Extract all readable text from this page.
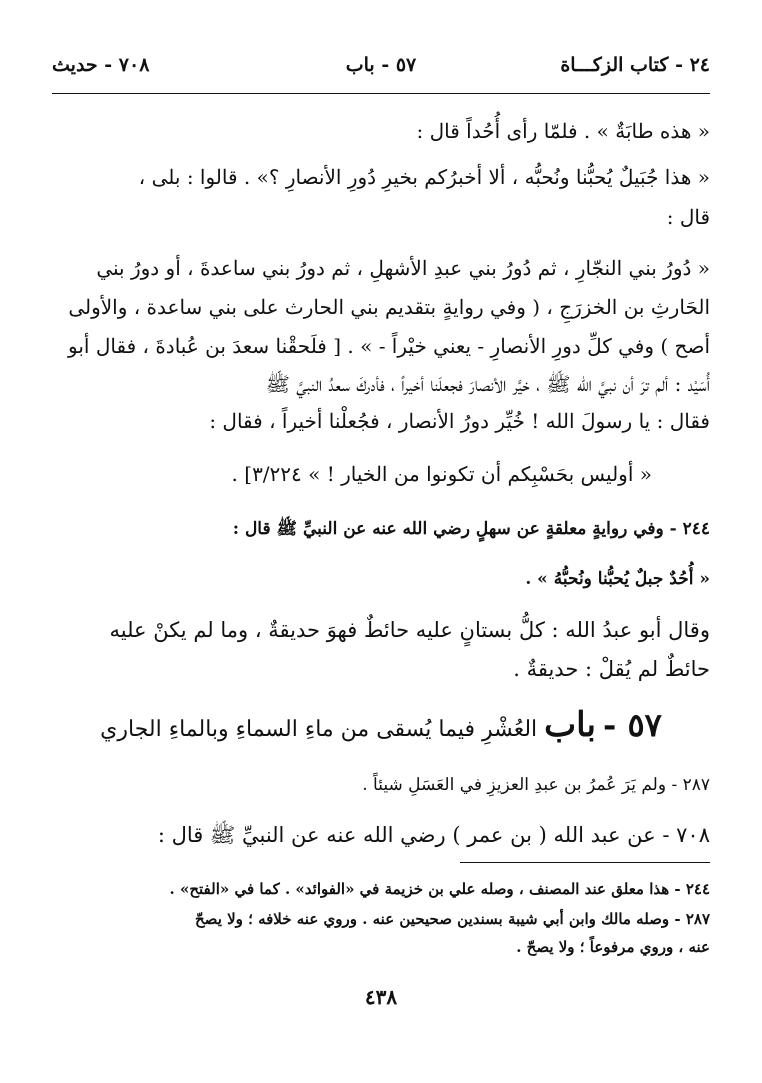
٢٤ - كتاب الزكـــاة
٥٧ - باب
٧٠٨ - حديث
« هذه طابَةٌ » . فلمّا رأى أُحُداً قال :
« هذا جُبَيلٌ يُحبُّنا ونُحبُّه ، ألا أخبرُكم بخيرِ دُورِ الأنصارِ ؟» . قالوا : بلى ،
قال :
« دُورُ بني النجّارِ ، ثم دُورُ بني عبدِ الأشهلِ ، ثم دورُ بني ساعدةَ ، أو دورُ بني
الحَارثِ بن الخزرَجِ ، ( وفي روايةٍ بتقديم بني الحارث على بني ساعدة ، والأولى
أصح ) وفي كلِّ دورِ الأنصارِ - يعني خيْراً - » . [ فلَحقْنا سعدَ بن عُبادةَ ، فقال أبو
أُسَيْد : ألم ترَ أن نبيَّ الله ﷺ ، خيَّر الأنصارَ فجعلَنا أخيراً ، فأدركَ سعدُ النبيَّ ﷺ
فقال : يا رسولَ الله ! خُيِّر دورُ الأنصار ، فجُعلْنا أخيراً ، فقال :
« أوليس بحَسْبِكم أن تكونوا من الخيار ! » ٣/٢٢٤] .
٢٤٤ - وفي روايةٍ معلقةٍ عن سهلٍ رضي الله عنه عن النبيِّ ﷺ قال :
« أُحُدٌ جبلٌ يُحبُّنا ونُحبُّهُ » .
وقال أبو عبدُ الله : كلُّ بستانٍ عليه حائطٌ فهوَ حديقةٌ ، وما لم يكنْ عليه
حائطٌ لم يُقلْ : حديقةٌ .
٥٧ - باب العُشْرِ فيما يُسقى من ماءِ السماءِ وبالماءِ الجاري
٢٨٧ - ولم يَرَ عُمرُ بن عبدِ العزيزِ في العَسَلِ شيئاً .
٧٠٨ - عن عبد الله ( بن عمر ) رضي الله عنه عن النبيِّ ﷺ قال :
٢٤٤ - هذا معلق عند المصنف ، وصله علي بن خزيمة في «الفوائد» . كما في «الفتح» .
٢٨٧ - وصله مالك وابن أبي شيبة بسندين صحيحين عنه . وروي عنه خلافه ؛ ولا يصحّ
عنه ، وروي مرفوعاً ؛ ولا يصحّ .
٤٣٨
